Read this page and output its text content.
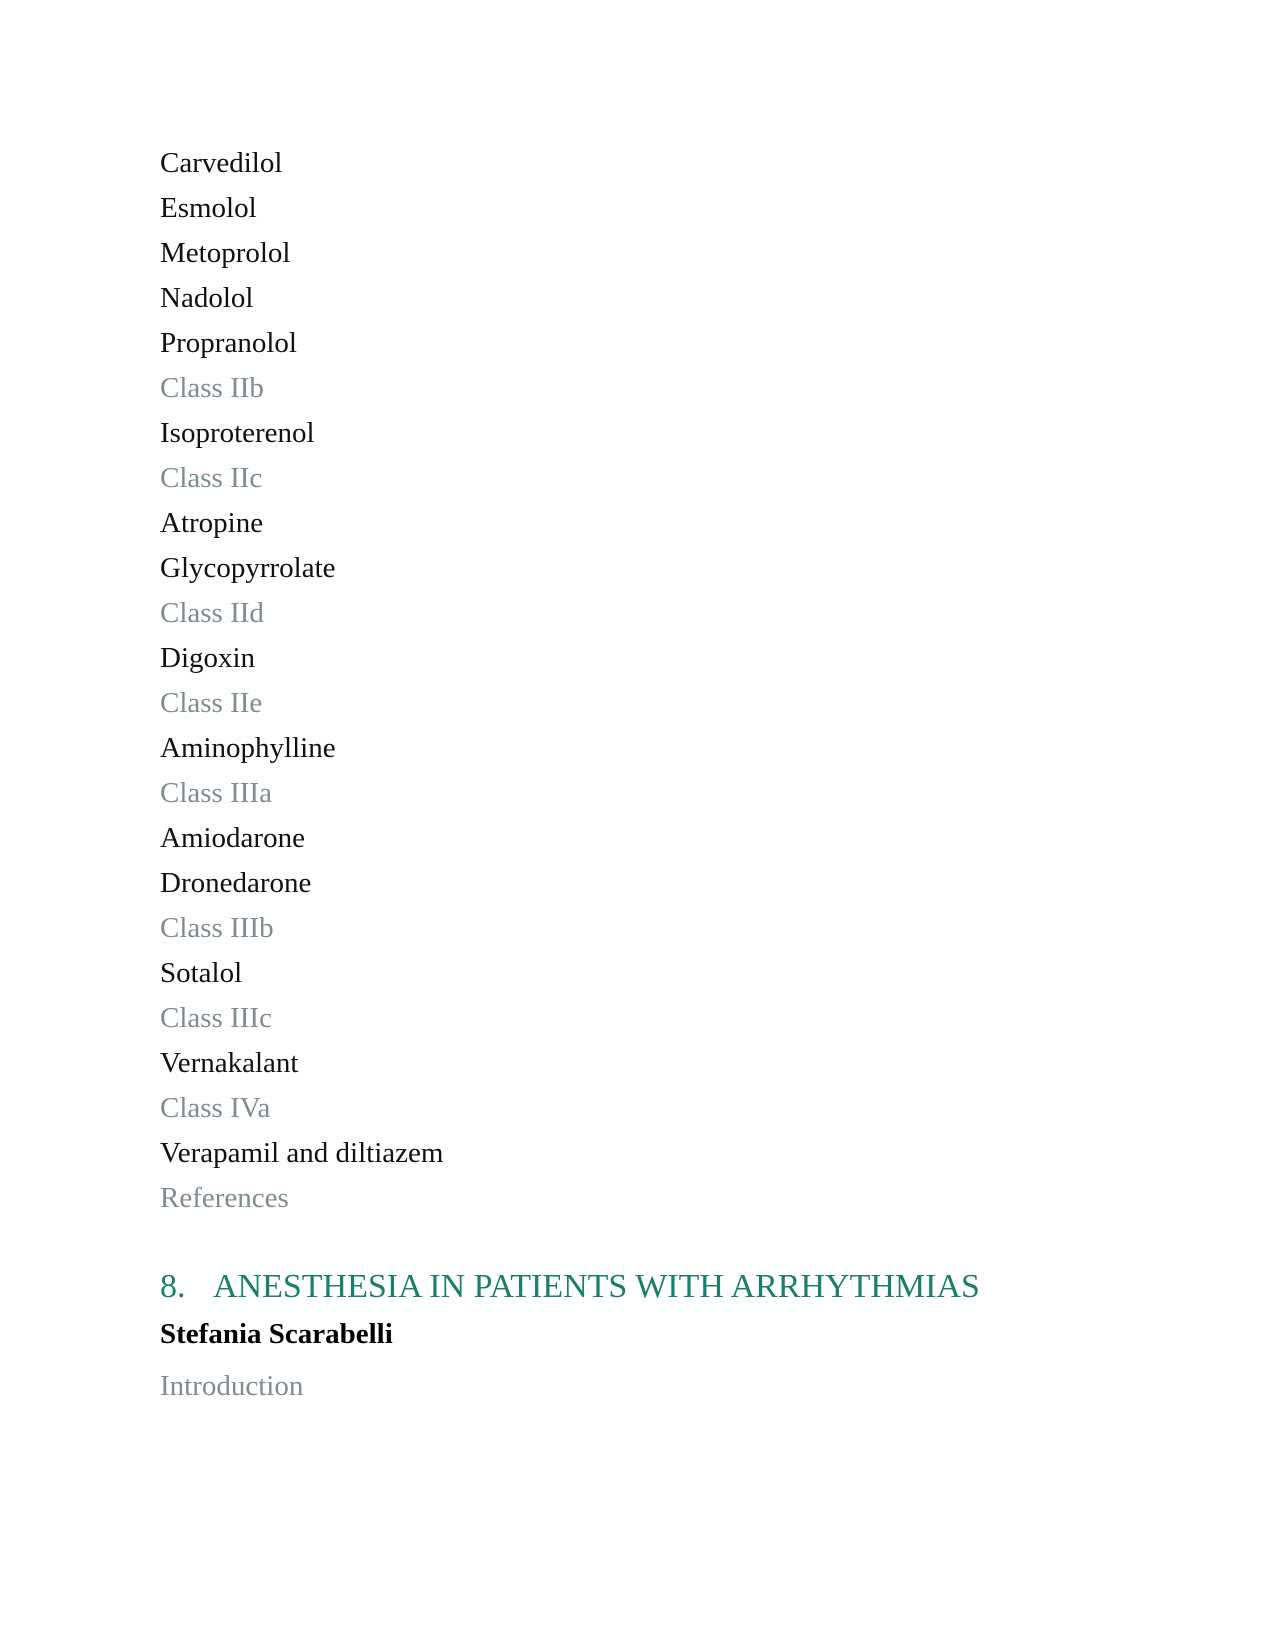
Carvedilol
Esmolol
Metoprolol
Nadolol
Propranolol
Class IIb
Isoproterenol
Class IIc
Atropine
Glycopyrrolate
Class IId
Digoxin
Class IIe
Aminophylline
Class IIIa
Amiodarone
Dronedarone
Class IIIb
Sotalol
Class IIIc
Vernakalant
Class IVa
Verapamil and diltiazem
References
8. ANESTHESIA IN PATIENTS WITH ARRHYTHMIAS
Stefania Scarabelli
Introduction
